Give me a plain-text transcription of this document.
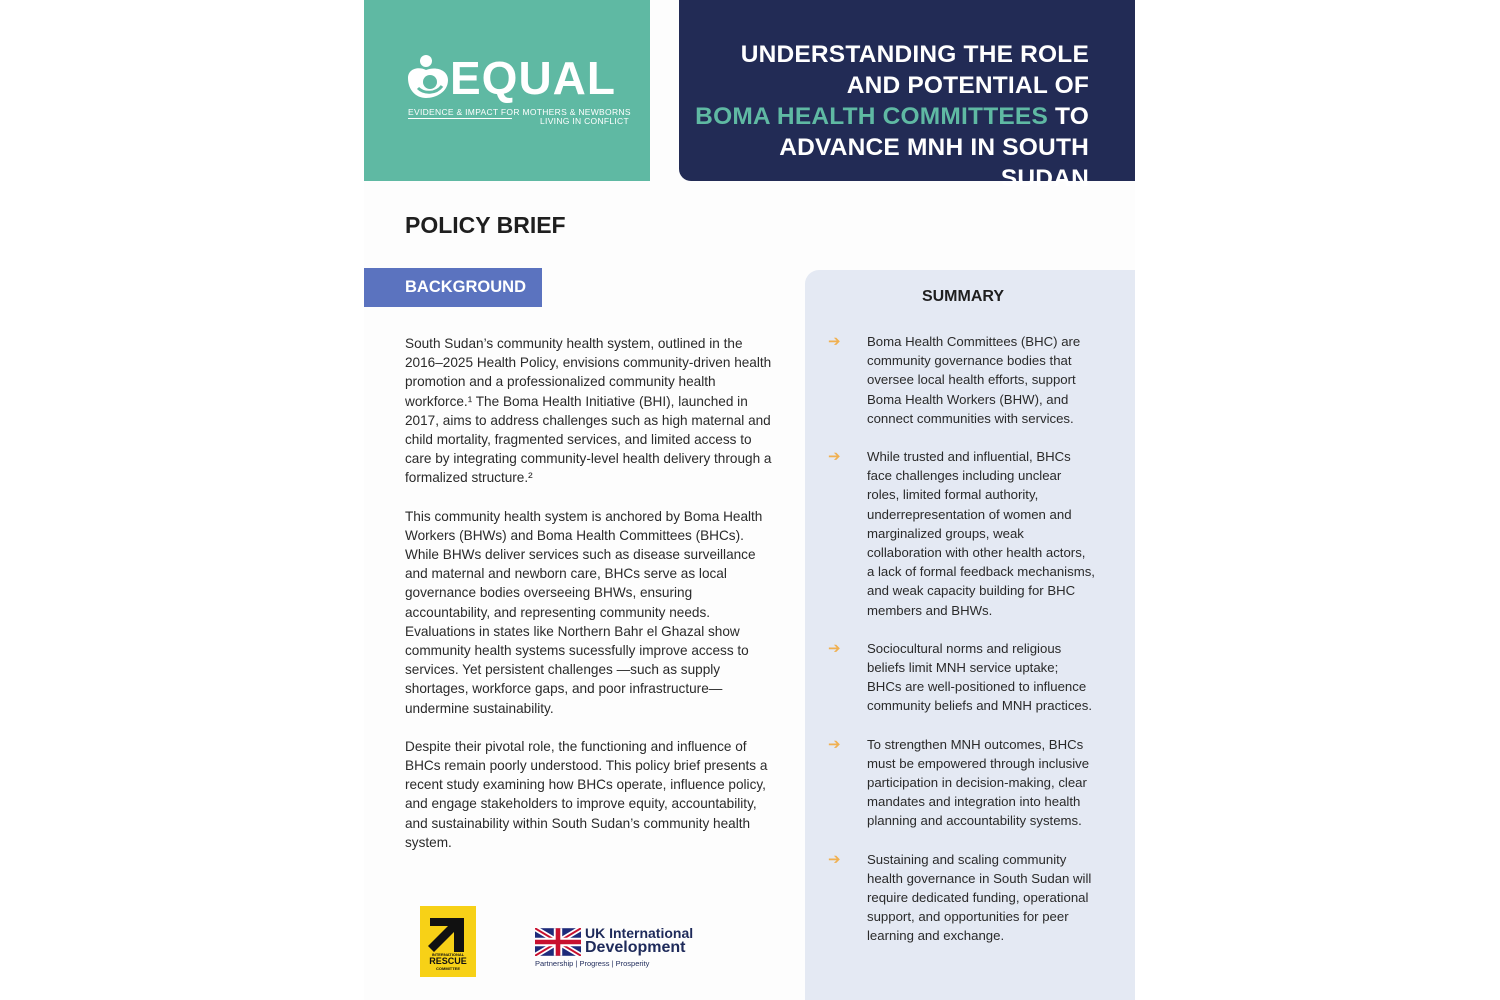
EQUAL
EVIDENCE & IMPACT FOR MOTHERS & NEWBORNS
LIVING IN CONFLICT
UNDERSTANDING THE ROLE
AND POTENTIAL OF
BOMA HEALTH COMMITTEES TO
ADVANCE MNH IN SOUTH SUDAN
POLICY BRIEF
BACKGROUND

South Sudan’s community health system, outlined in the 2016–2025 Health Policy, envisions community-driven health promotion and a professionalized community health workforce.¹ The Boma Health Initiative (BHI), launched in 2017, aims to address challenges such as high maternal and child mortality, fragmented services, and limited access to care by integrating community-level health delivery through a formalized structure.²

This community health system is anchored by Boma Health Workers (BHWs) and Boma Health Committees (BHCs). While BHWs deliver services such as disease surveillance and maternal and newborn care, BHCs serve as local governance bodies overseeing BHWs, ensuring accountability, and representing community needs. Evaluations in states like Northern Bahr el Ghazal show community health systems sucessfully improve access to services. Yet persistent challenges —such as supply shortages, workforce gaps, and poor infrastructure— undermine sustainability.

Despite their pivotal role, the functioning and influence of BHCs remain poorly understood. This policy brief presents a recent study examining how BHCs operate, influence policy, and engage stakeholders to improve equity, accountability, and sustainability within South Sudan’s community health system.

SUMMARY
➔ Boma Health Committees (BHC) are community governance bodies that oversee local health efforts, support Boma Health Workers (BHW), and connect communities with services.
➔ While trusted and influential, BHCs face challenges including unclear roles, limited formal authority, underrepresentation of women and marginalized groups, weak collaboration with other health actors, a lack of formal feedback mechanisms, and weak capacity building for BHC members and BHWs.
➔ Sociocultural norms and religious beliefs limit MNH service uptake; BHCs are well-positioned to influence community beliefs and MNH practices.
➔ To strengthen MNH outcomes, BHCs must be empowered through inclusive participation in decision-making, clear mandates and integration into health planning and accountability systems.
➔ Sustaining and scaling community health governance in South Sudan will require dedicated funding, operational support, and opportunities for peer learning and exchange.
INTERNATIONAL
RESCUE
COMMITTEE
UK International
Development
Partnership | Progress | Prosperity
